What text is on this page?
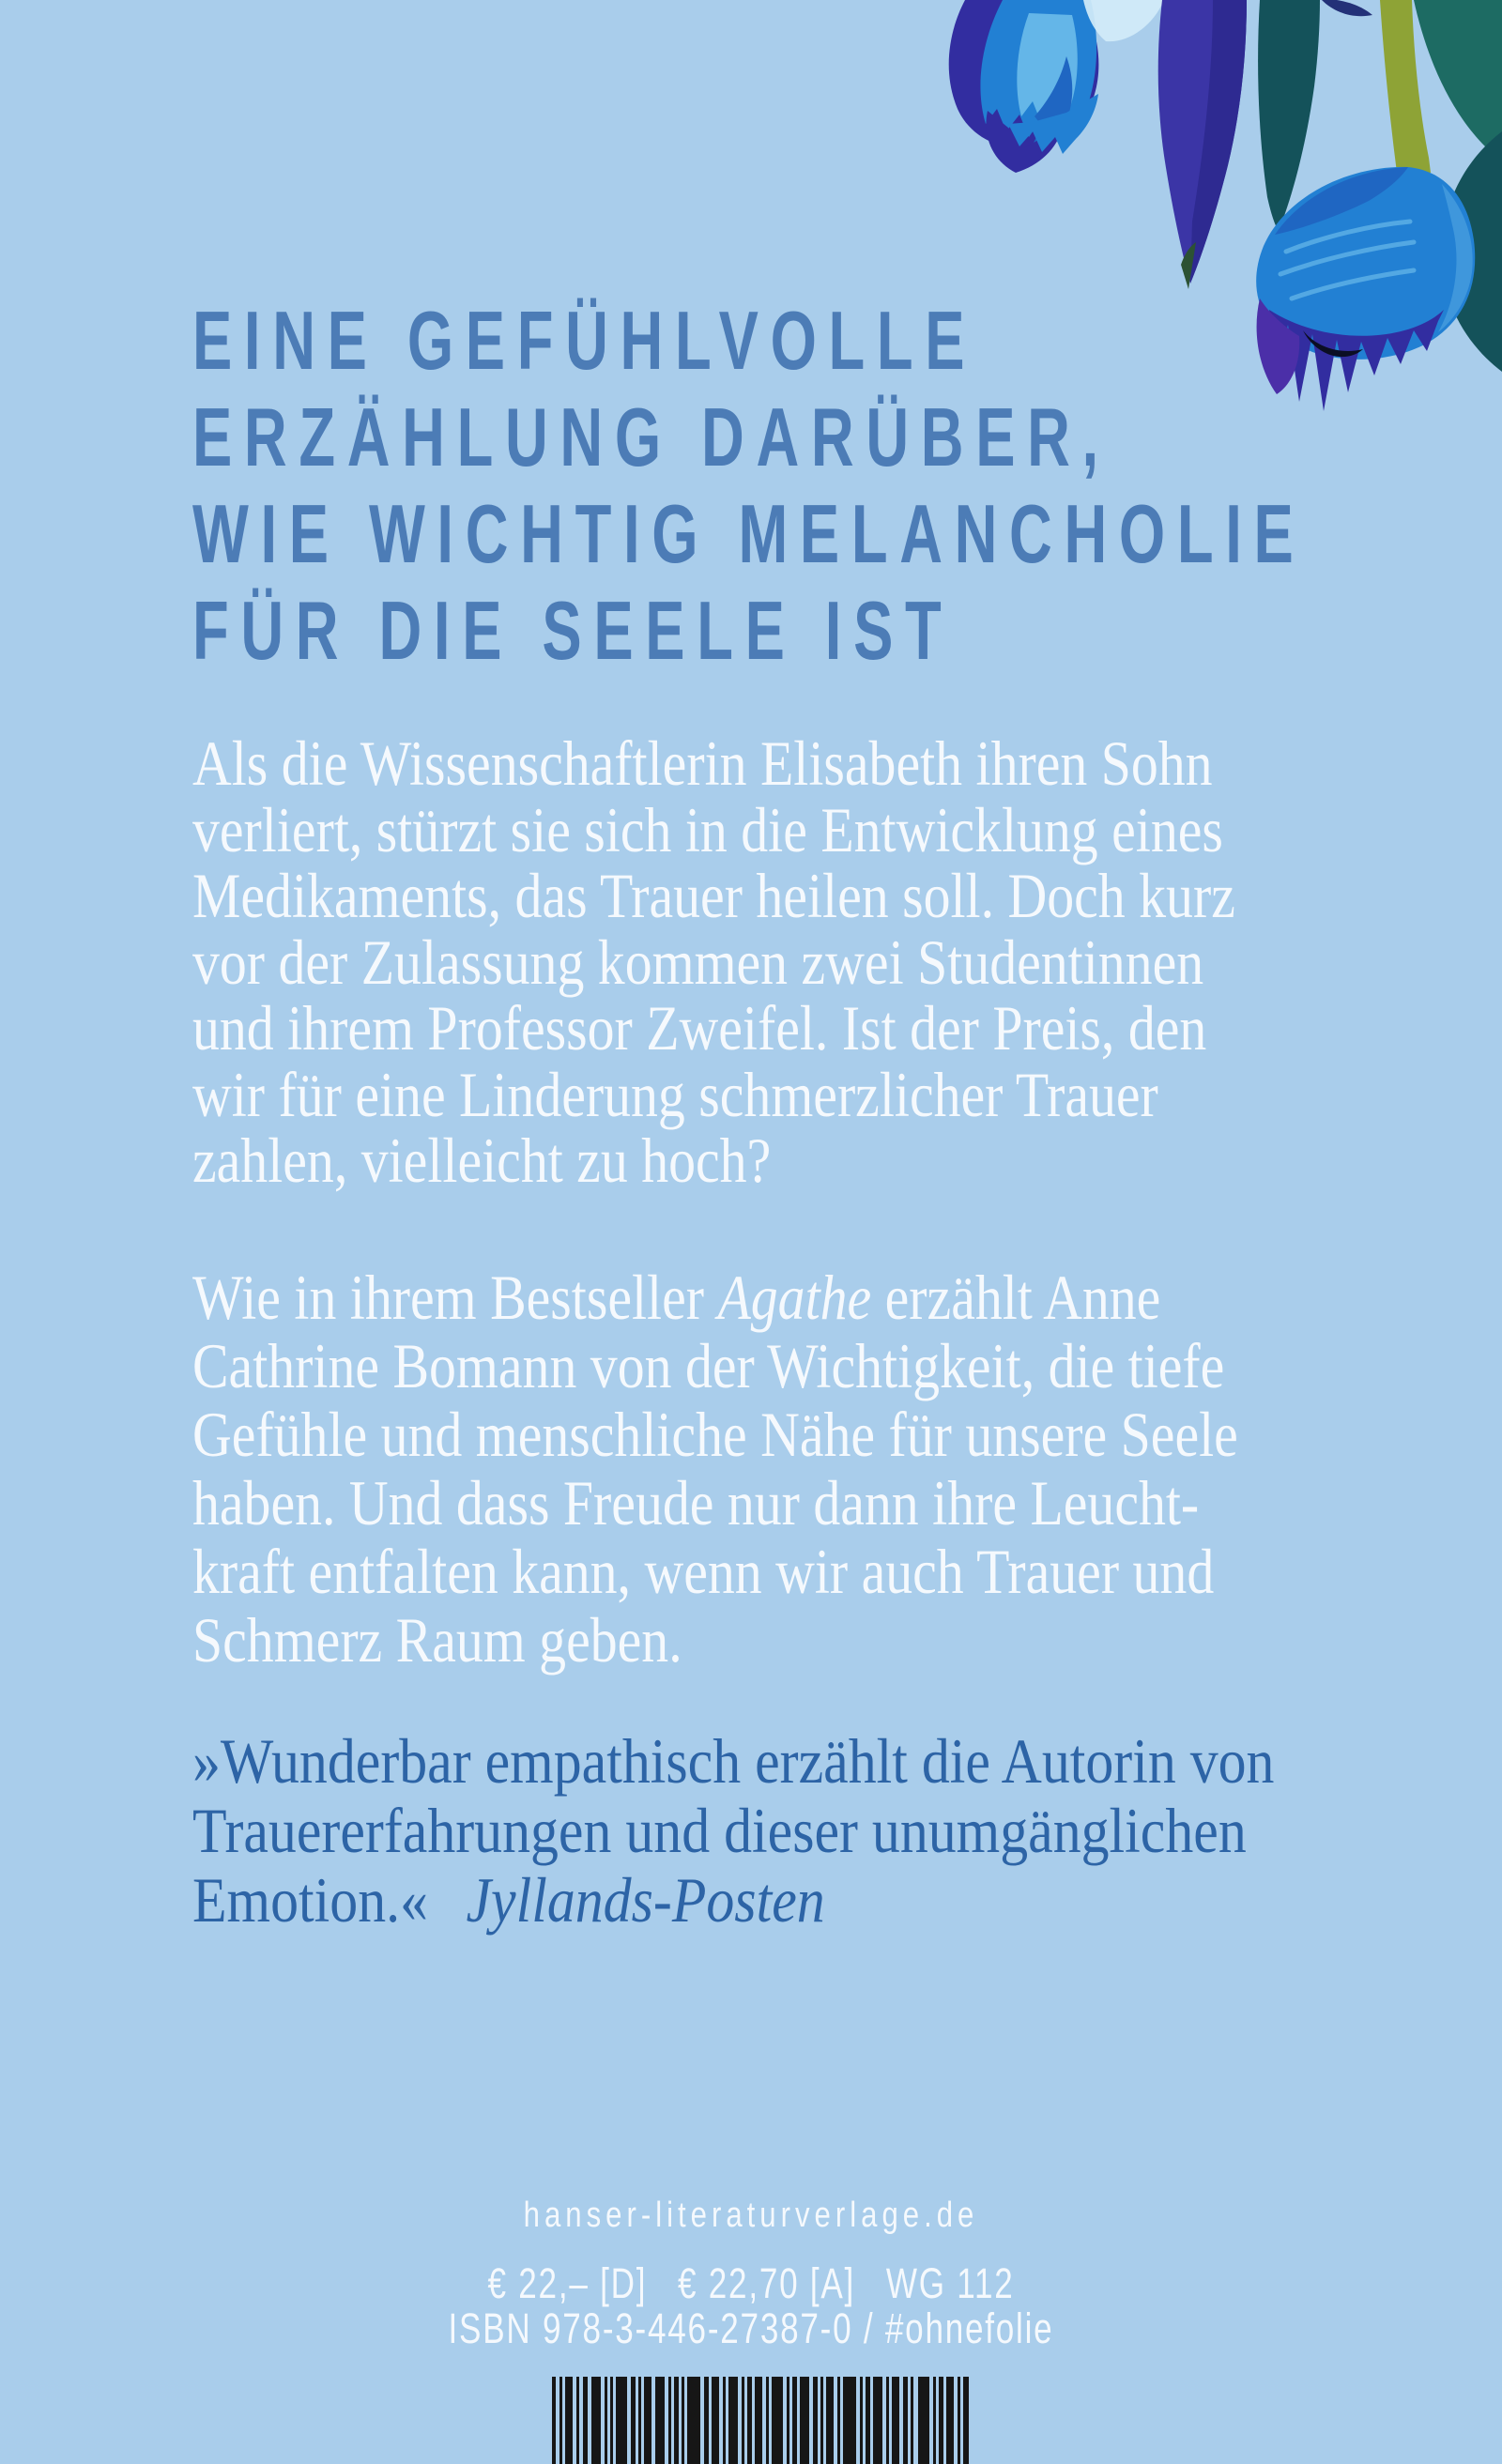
EINE GEFÜHLVOLLE
ERZÄHLUNG DARÜBER,
WIE WICHTIG MELANCHOLIE
FÜR DIE SEELE IST
Als die Wissenschaftlerin Elisabeth ihren Sohn
verliert, stürzt sie sich in die Entwicklung eines
Medikaments, das Trauer heilen soll. Doch kurz
vor der Zulassung kommen zwei Studentinnen
und ihrem Professor Zweifel. Ist der Preis, den
wir für eine Linderung schmerzlicher Trauer
zahlen, vielleicht zu hoch?
Wie in ihrem Bestseller Agathe erzählt Anne
Cathrine Bomann von der Wichtigkeit, die tiefe
Gefühle und menschliche Nähe für unsere Seele
haben. Und dass Freude nur dann ihre Leucht-
kraft entfalten kann, wenn wir auch Trauer und
Schmerz Raum geben.
»Wunderbar empathisch erzählt die Autorin von
Trauererfahrungen und dieser unumgänglichen
Emotion.« Jyllands-Posten
hanser-literaturverlage.de
€ 22,– [D] € 22,70 [A] WG 112
ISBN 978-3-446-27387-0 / #ohnefolie
